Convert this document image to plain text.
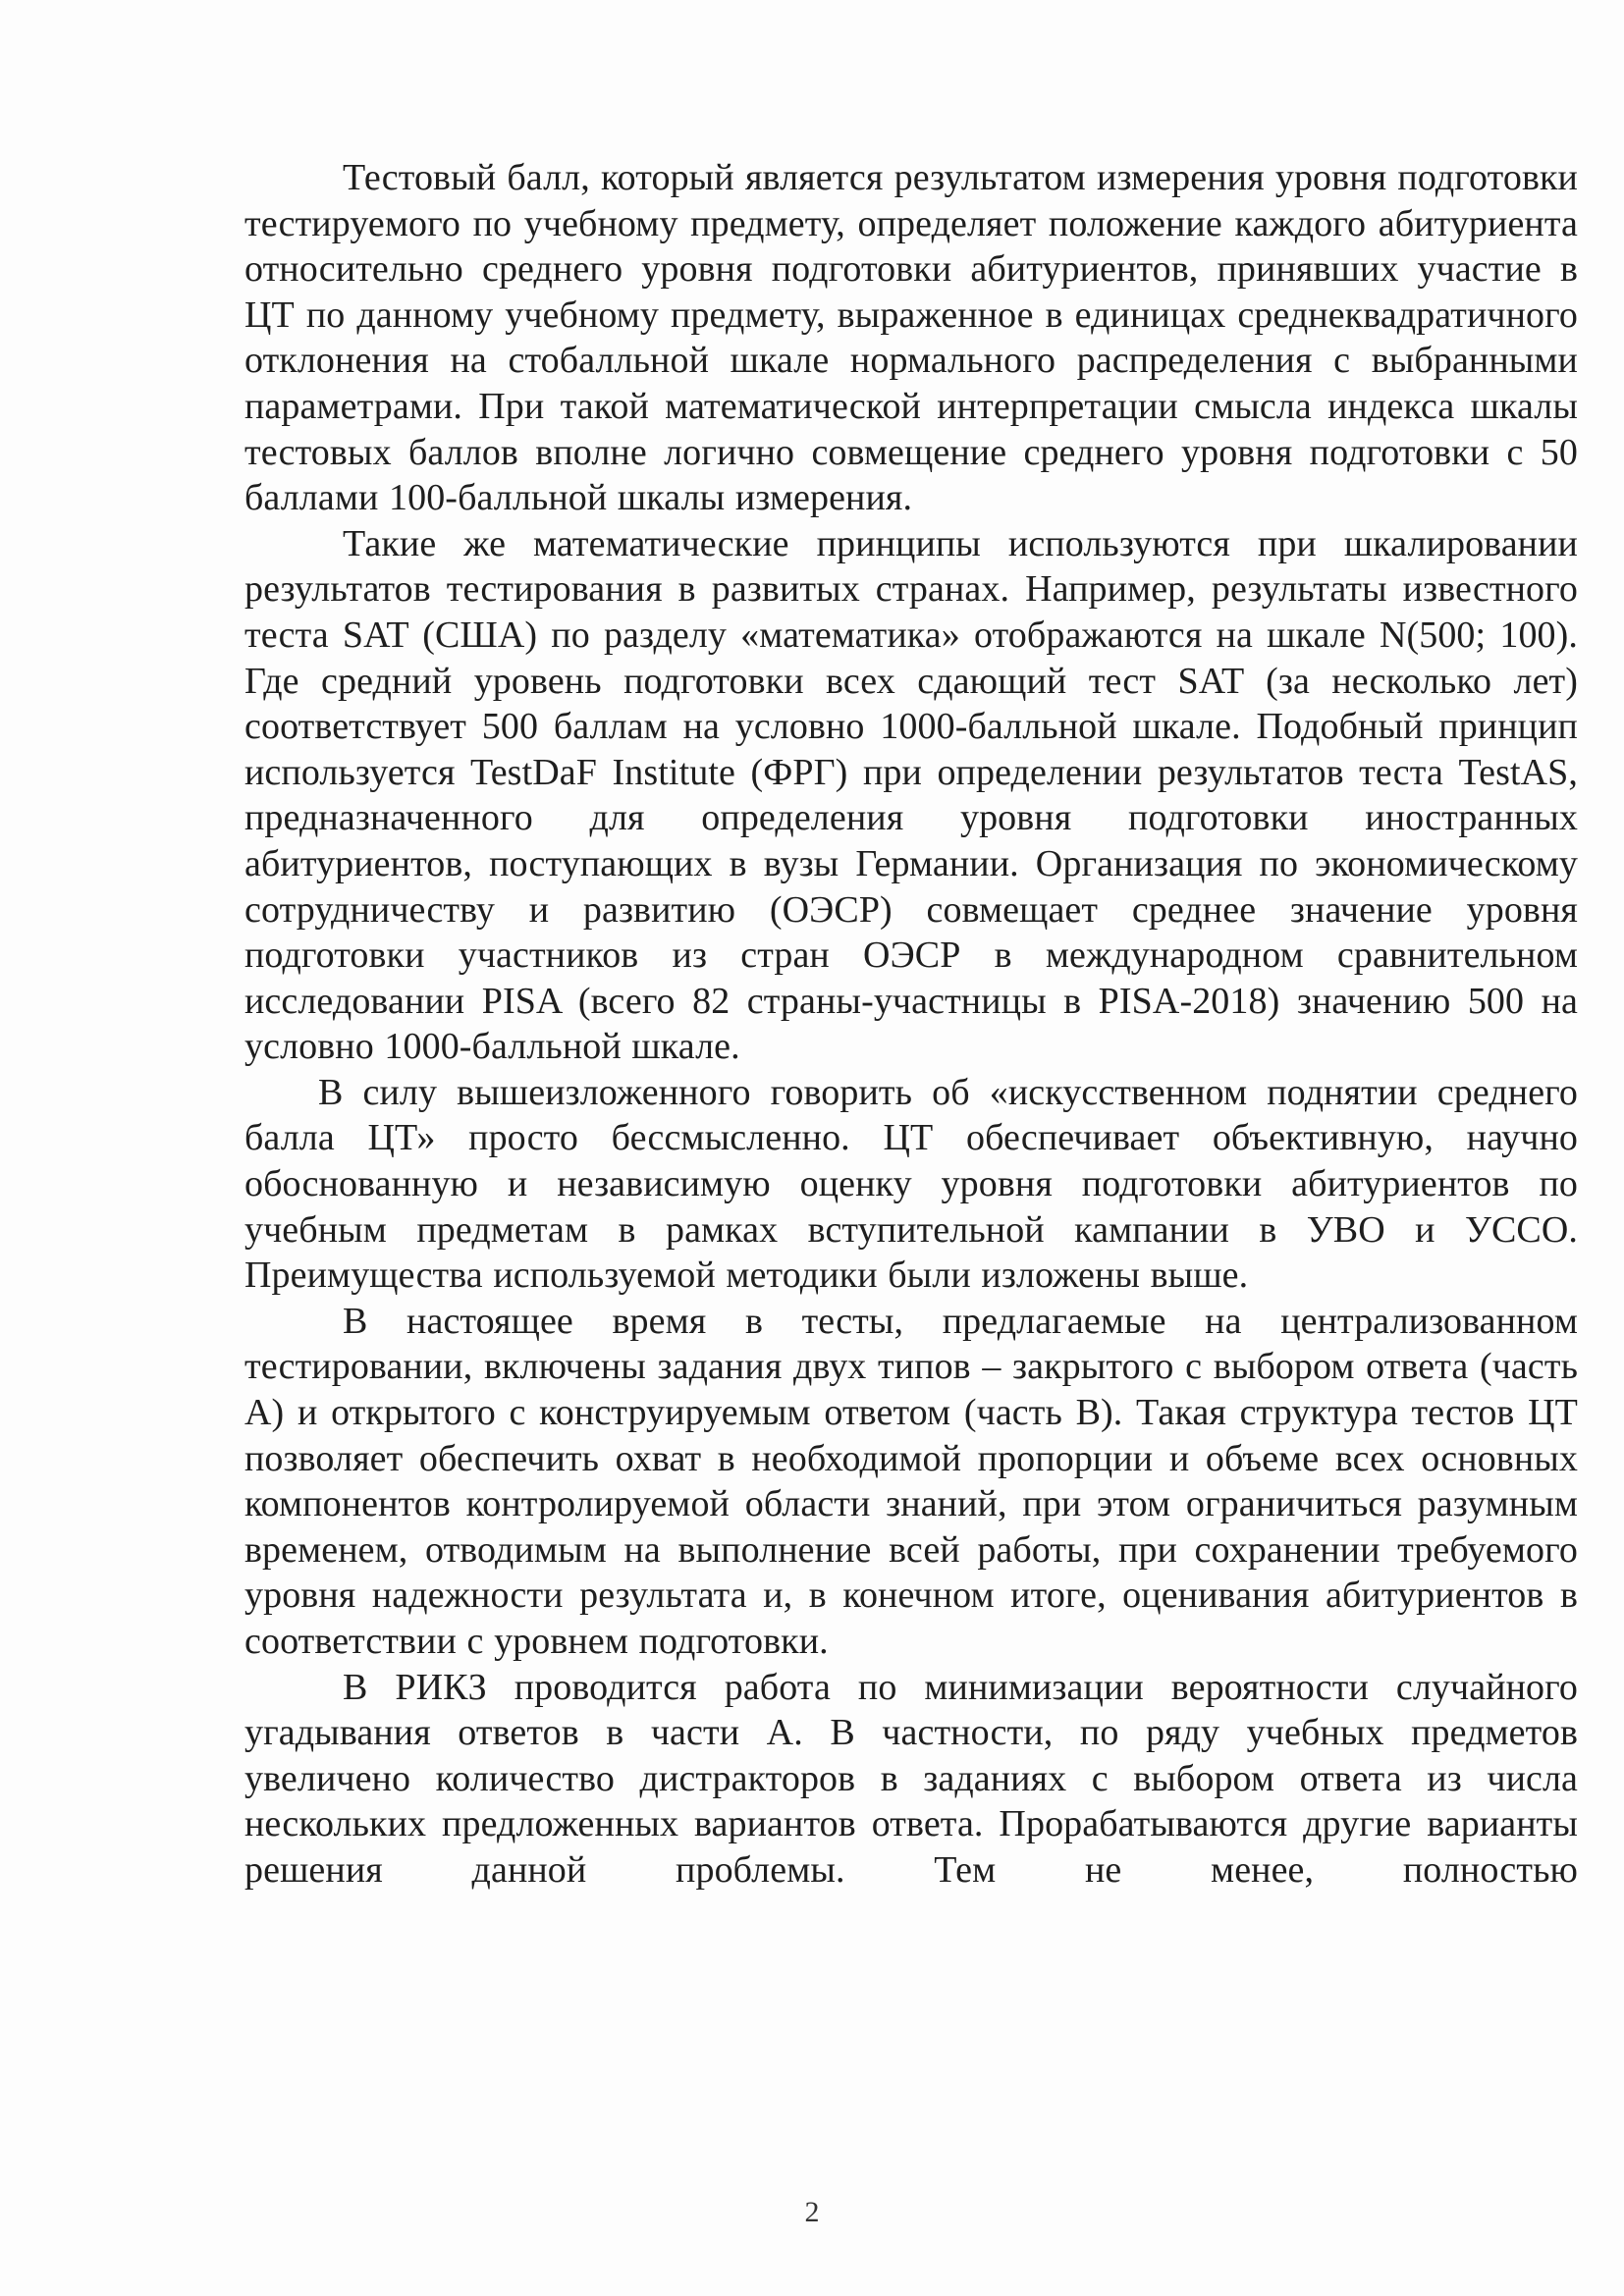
Тестовый балл, который является результатом измерения уровня подготовки тестируемого по учебному предмету, определяет положение каждого абитуриента относительно среднего уровня подготовки абитуриентов, принявших участие в ЦТ по данному учебному предмету, выраженное в единицах среднеквадратичного отклонения на стобалльной шкале нормального распределения с выбранными параметрами. При такой математической интерпретации смысла индекса шкалы тестовых баллов вполне логично совмещение среднего уровня подготовки с 50 баллами 100-балльной шкалы измерения.

Такие же математические принципы используются при шкалировании результатов тестирования в развитых странах. Например, результаты известного теста SAT (США) по разделу «математика» отображаются на шкале N(500; 100). Где средний уровень подготовки всех сдающий тест SAT (за несколько лет) соответствует 500 баллам на условно 1000-балльной шкале. Подобный принцип используется TestDaF Institute (ФРГ) при определении результатов теста TestAS, предназначенного для определения уровня подготовки иностранных абитуриентов, поступающих в вузы Германии. Организация по экономическому сотрудничеству и развитию (ОЭСР) совмещает среднее значение уровня подготовки участников из стран ОЭСР в международном сравнительном исследовании PISA (всего 82 страны-участницы в PISA-2018) значению 500 на условно 1000-балльной шкале.

В силу вышеизложенного говорить об «искусственном поднятии среднего балла ЦТ» просто бессмысленно. ЦТ обеспечивает объективную, научно обоснованную и независимую оценку уровня подготовки абитуриентов по учебным предметам в рамках вступительной кампании в УВО и УССО. Преимущества используемой методики были изложены выше.

В настоящее время в тесты, предлагаемые на централизованном тестировании, включены задания двух типов – закрытого с выбором ответа (часть А) и открытого с конструируемым ответом (часть В). Такая структура тестов ЦТ позволяет обеспечить охват в необходимой пропорции и объеме всех основных компонентов контролируемой области знаний, при этом ограничиться разумным временем, отводимым на выполнение всей работы, при сохранении требуемого уровня надежности результата и, в конечном итоге, оценивания абитуриентов в соответствии с уровнем подготовки.

В РИКЗ проводится работа по минимизации вероятности случайного угадывания ответов в части А. В частности, по ряду учебных предметов увеличено количество дистракторов в заданиях с выбором ответа из числа нескольких предложенных вариантов ответа. Прорабатываются другие варианты решения данной проблемы. Тем не менее, полностью

2
